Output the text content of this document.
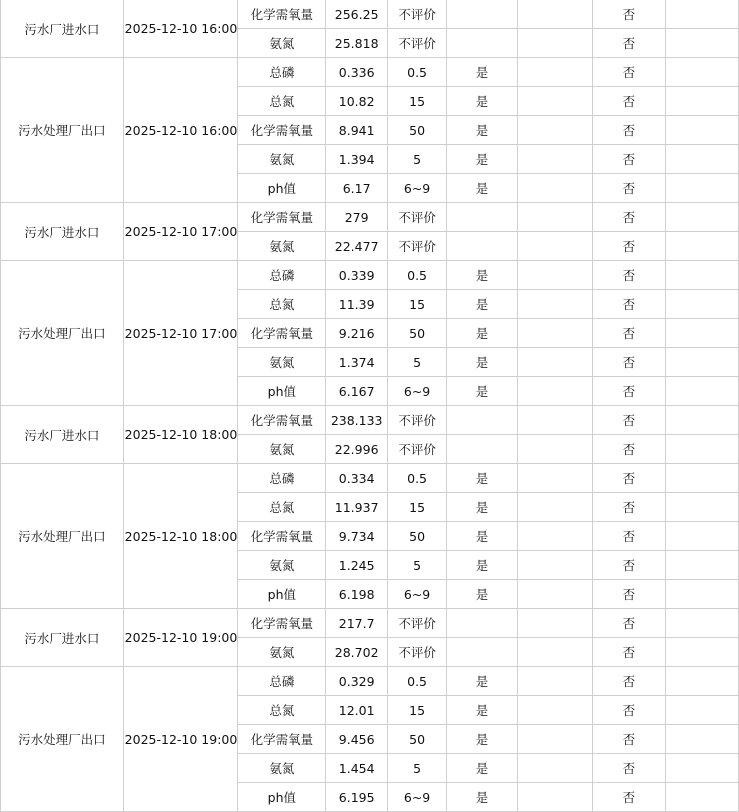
污水厂进水口	2025-12-10 16:00	化学需氧量	256.25	不评价			否	
		氨氮	25.818	不评价			否	
污水处理厂出口	2025-12-10 16:00	总磷	0.336	0.5	是		否	
		总氮	10.82	15	是		否	
		化学需氧量	8.941	50	是		否	
		氨氮	1.394	5	是		否	
		ph值	6.17	6~9	是		否	
污水厂进水口	2025-12-10 17:00	化学需氧量	279	不评价			否	
		氨氮	22.477	不评价			否	
污水处理厂出口	2025-12-10 17:00	总磷	0.339	0.5	是		否	
		总氮	11.39	15	是		否	
		化学需氧量	9.216	50	是		否	
		氨氮	1.374	5	是		否	
		ph值	6.167	6~9	是		否	
污水厂进水口	2025-12-10 18:00	化学需氧量	238.133	不评价			否	
		氨氮	22.996	不评价			否	
污水处理厂出口	2025-12-10 18:00	总磷	0.334	0.5	是		否	
		总氮	11.937	15	是		否	
		化学需氧量	9.734	50	是		否	
		氨氮	1.245	5	是		否	
		ph值	6.198	6~9	是		否	
污水厂进水口	2025-12-10 19:00	化学需氧量	217.7	不评价			否	
		氨氮	28.702	不评价			否	
污水处理厂出口	2025-12-10 19:00	总磷	0.329	0.5	是		否	
		总氮	12.01	15	是		否	
		化学需氧量	9.456	50	是		否	
		氨氮	1.454	5	是		否	
		ph值	6.195	6~9	是		否	
